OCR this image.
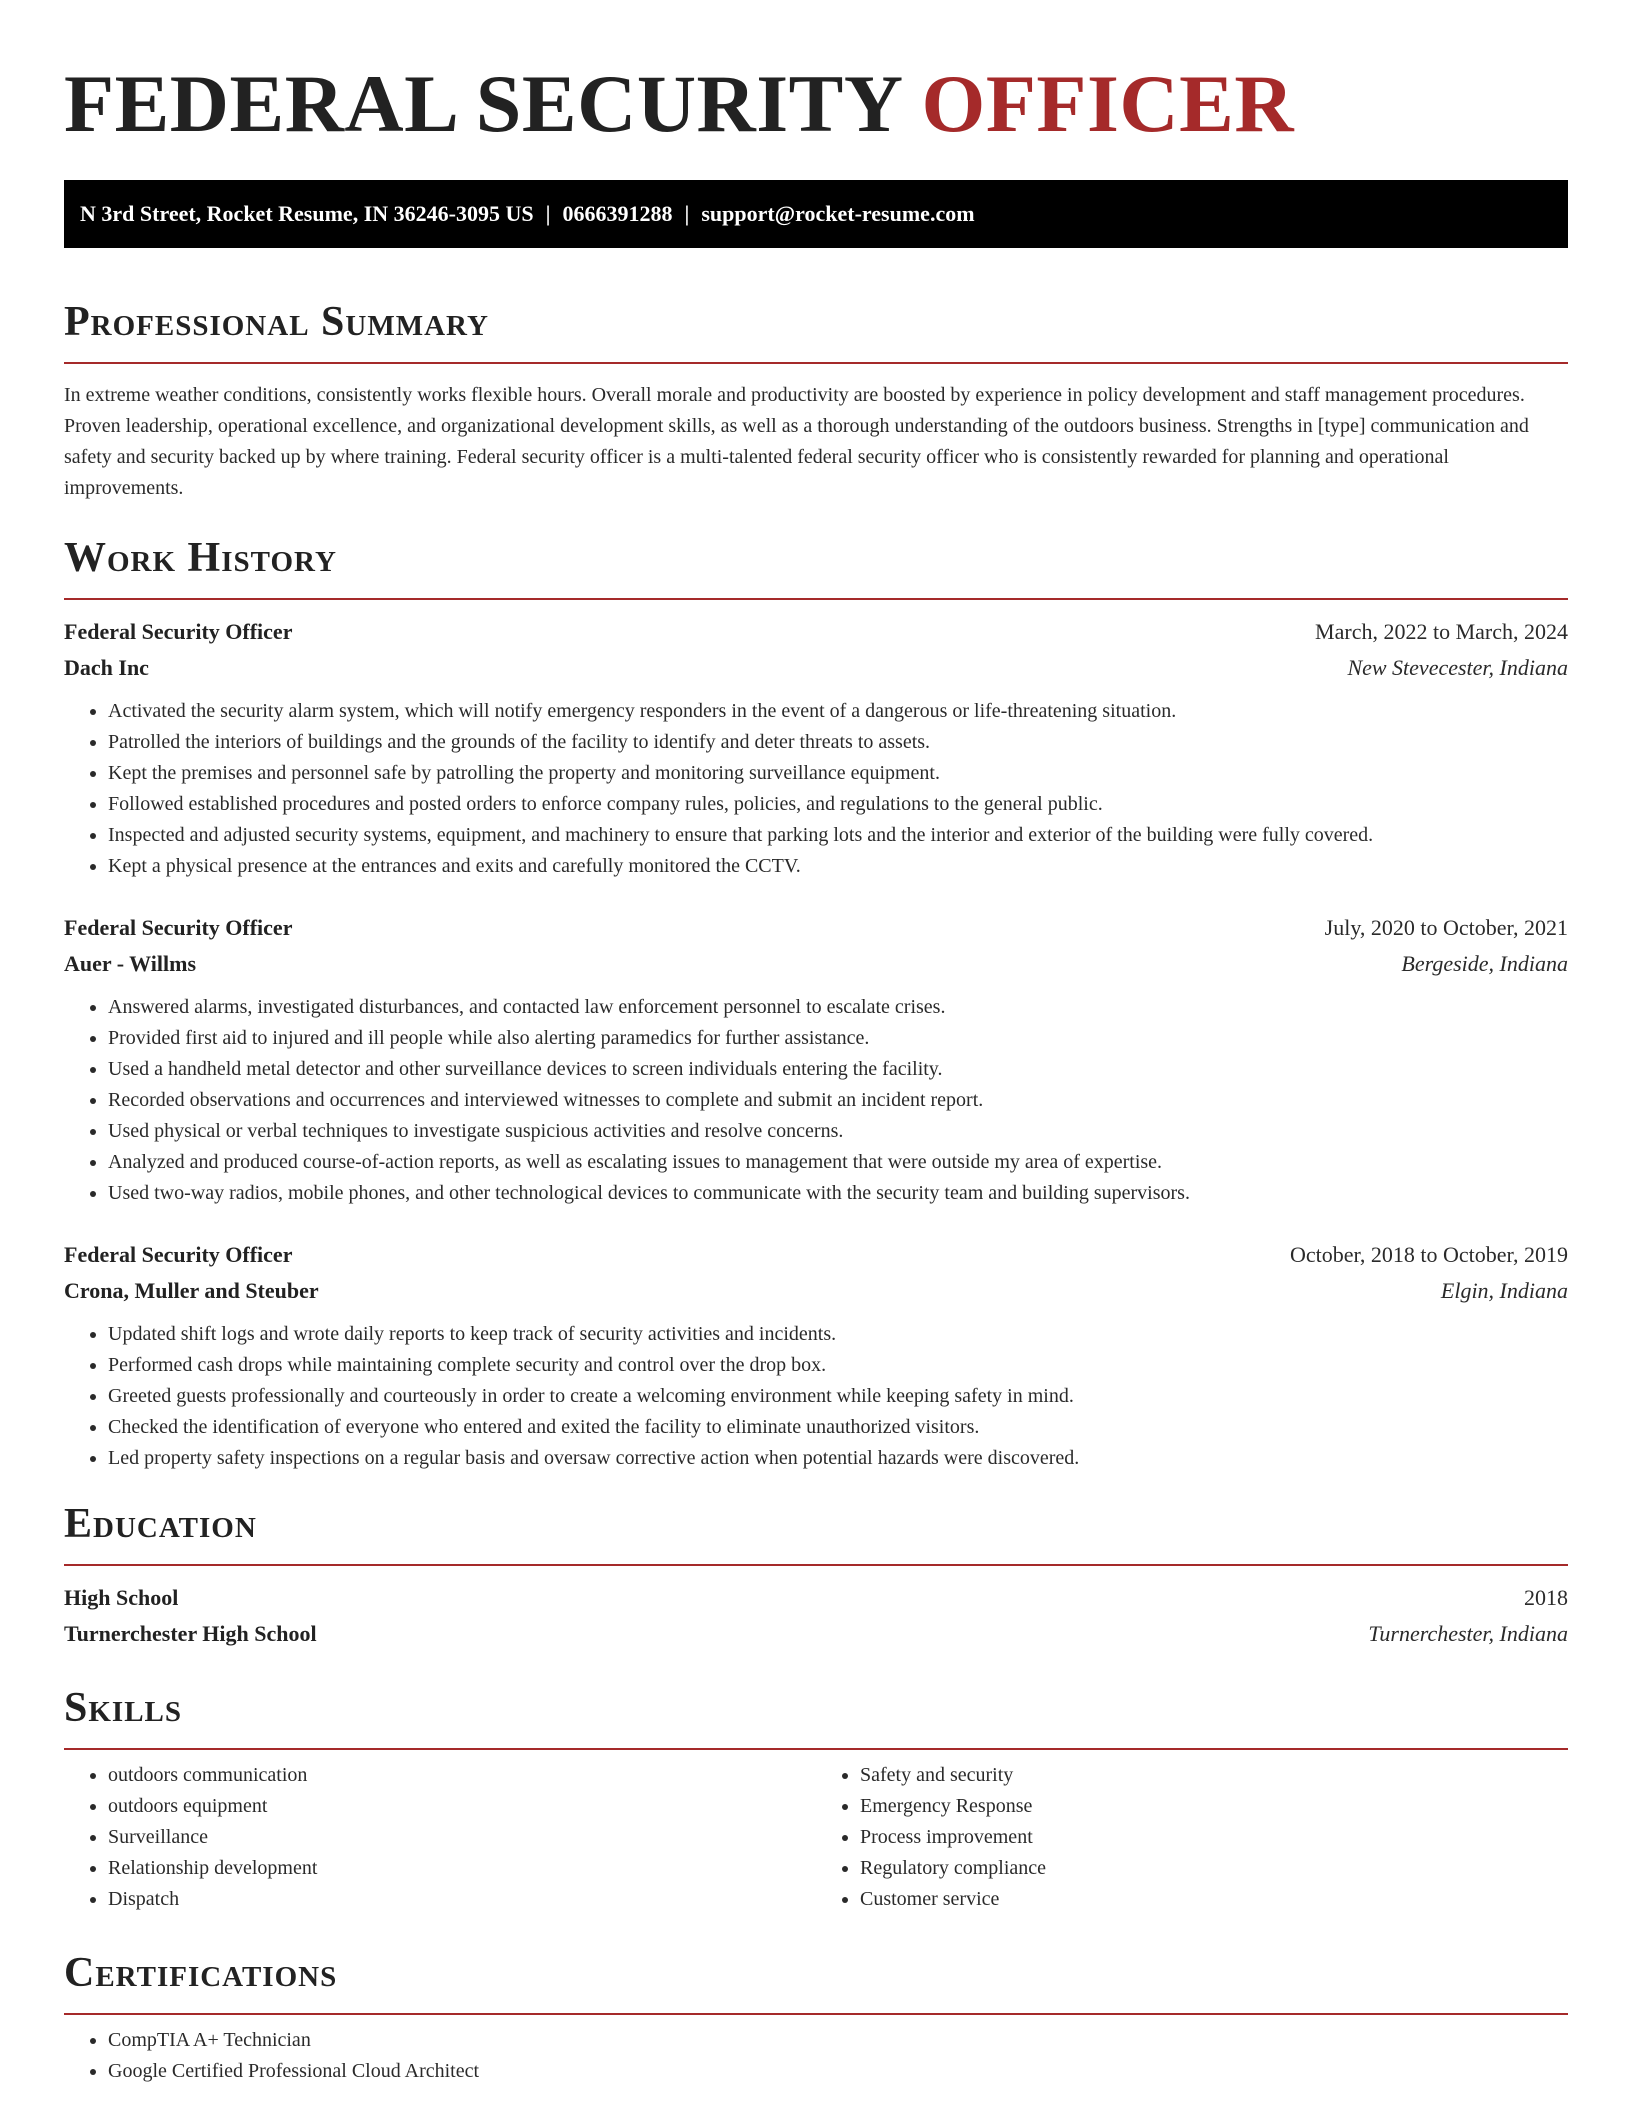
FEDERAL SECURITY OFFICER
N 3rd Street, Rocket Resume, IN 36246-3095 US | 0666391288 | support@rocket-resume.com
Professional Summary

In extreme weather conditions, consistently works flexible hours. Overall morale and productivity are boosted by experience in policy development and staff management procedures. Proven leadership, operational excellence, and organizational development skills, as well as a thorough understanding of the outdoors business. Strengths in [type] communication and safety and security backed up by where training. Federal security officer is a multi-talented federal security officer who is consistently rewarded for planning and operational improvements.

Work History
Federal Security Officer	March, 2022 to March, 2024
Dach Inc	New Stevecester, Indiana
• Activated the security alarm system, which will notify emergency responders in the event of a dangerous or life-threatening situation.
• Patrolled the interiors of buildings and the grounds of the facility to identify and deter threats to assets.
• Kept the premises and personnel safe by patrolling the property and monitoring surveillance equipment.
• Followed established procedures and posted orders to enforce company rules, policies, and regulations to the general public.
• Inspected and adjusted security systems, equipment, and machinery to ensure that parking lots and the interior and exterior of the building were fully covered.
• Kept a physical presence at the entrances and exits and carefully monitored the CCTV.
Federal Security Officer	July, 2020 to October, 2021
Auer - Willms	Bergeside, Indiana
• Answered alarms, investigated disturbances, and contacted law enforcement personnel to escalate crises.
• Provided first aid to injured and ill people while also alerting paramedics for further assistance.
• Used a handheld metal detector and other surveillance devices to screen individuals entering the facility.
• Recorded observations and occurrences and interviewed witnesses to complete and submit an incident report.
• Used physical or verbal techniques to investigate suspicious activities and resolve concerns.
• Analyzed and produced course-of-action reports, as well as escalating issues to management that were outside my area of expertise.
• Used two-way radios, mobile phones, and other technological devices to communicate with the security team and building supervisors.
Federal Security Officer	October, 2018 to October, 2019
Crona, Muller and Steuber	Elgin, Indiana
• Updated shift logs and wrote daily reports to keep track of security activities and incidents.
• Performed cash drops while maintaining complete security and control over the drop box.
• Greeted guests professionally and courteously in order to create a welcoming environment while keeping safety in mind.
• Checked the identification of everyone who entered and exited the facility to eliminate unauthorized visitors.
• Led property safety inspections on a regular basis and oversaw corrective action when potential hazards were discovered.
Education
High School	2018
Turnerchester High School	Turnerchester, Indiana
Skills
• outdoors communication
• outdoors equipment
• Surveillance
• Relationship development
• Dispatch
• Safety and security
• Emergency Response
• Process improvement
• Regulatory compliance
• Customer service
Certifications
• CompTIA A+ Technician
• Google Certified Professional Cloud Architect
